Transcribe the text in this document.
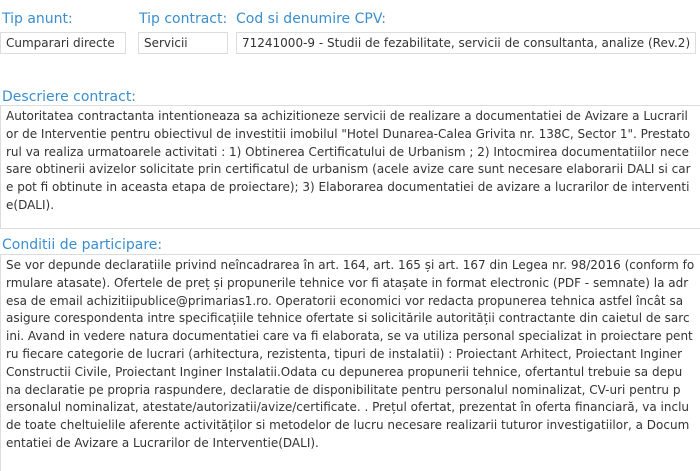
Tip anunt:	Tip contract: Cod si denumire CPV:
Cumparari directe	Servicii	71241000-9 - Studii de fezabilitate, servicii de consultanta, analize (Rev.2)
Descriere contract:
Autoritatea contractanta intentioneaza sa achizitioneze servicii de realizare a documentatiei de Avizare a Lucraril
or de Interventie pentru obiectivul de investitii imobilul "Hotel Dunarea-Calea Grivita nr. 138C, Sector 1". Prestato
rul va realiza urmatoarele activitati : 1) Obtinerea Certificatului de Urbanism ; 2) Intocmirea documentatiilor nece
sare obtinerii avizelor solicitate prin certificatul de urbanism (acele avize care sunt necesare elaborarii DALI si car
e pot fi obtinute in aceasta etapa de proiectare); 3) Elaborarea documentatiei de avizare a lucrarilor de interventi
e(DALI).
Conditii de participare:
Se vor depunde declaratiile privind neîncadrarea în art. 164, art. 165 și art. 167 din Legea nr. 98/2016 (conform fo
rmulare atasate). Ofertele de preț și propunerile tehnice vor fi atașate in format electronic (PDF - semnate) la adr
esa de email achizitiipublice@primarias1.ro. Operatorii economici vor redacta propunerea tehnica astfel încât sa
asigure corespondenta intre specificațiile tehnice ofertate si solicitările autorității contractante din caietul de sarc
ini. Avand in vedere natura documentatiei care va fi elaborata, se va utiliza personal specializat in proiectare pent
ru fiecare categorie de lucrari (arhitectura, rezistenta, tipuri de instalatii) : Proiectant Arhitect, Proiectant Inginer
Constructii Civile, Proiectant Inginer Instalatii.Odata cu depunerea propunerii tehnice, ofertantul trebuie sa depu
na declaratie pe propria raspundere, declaratie de disponibilitate pentru personalul nominalizat, CV-uri pentru p
ersonalul nominalizat, atestate/autorizatii/avize/certificate. . Prețul ofertat, prezentat în oferta financiară, va inclu
de toate cheltuielile aferente activităților si metodelor de lucru necesare realizarii tuturor investigatiilor, a Docum
entatiei de Avizare a Lucrarilor de Interventie(DALI).
